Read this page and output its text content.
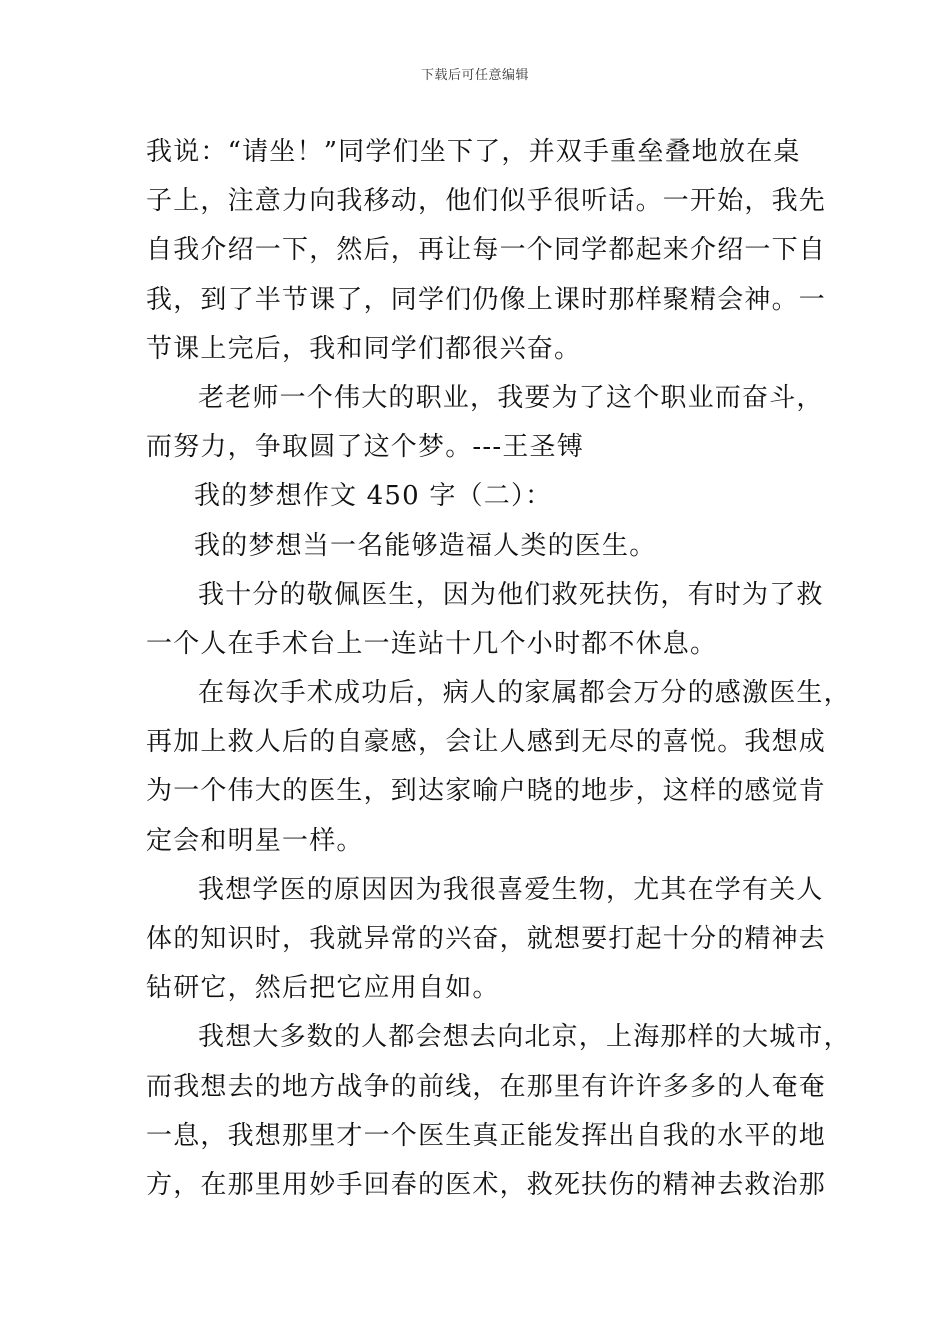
下载后可任意编辑
我说：“请坐！”同学们坐下了，并双手重垒叠地放在桌
子上，注意力向我移动，他们似乎很听话。一开始，我先
自我介绍一下，然后，再让每一个同学都起来介绍一下自
我，到了半节课了，同学们仍像上课时那样聚精会神。一
节课上完后，我和同学们都很兴奋。
老老师一个伟大的职业，我要为了这个职业而奋斗，
而努力，争取圆了这个梦。---王圣镈
我的梦想作文 450 字（二）：
我的梦想当一名能够造福人类的医生。
我十分的敬佩医生，因为他们救死扶伤，有时为了救
一个人在手术台上一连站十几个小时都不休息。
在每次手术成功后，病人的家属都会万分的感激医生，
再加上救人后的自豪感，会让人感到无尽的喜悦。我想成
为一个伟大的医生，到达家喻户晓的地步，这样的感觉肯
定会和明星一样。
我想学医的原因因为我很喜爱生物，尤其在学有关人
体的知识时，我就异常的兴奋，就想要打起十分的精神去
钻研它，然后把它应用自如。
我想大多数的人都会想去向北京，上海那样的大城市，
而我想去的地方战争的前线，在那里有许许多多的人奄奄
一息，我想那里才一个医生真正能发挥出自我的水平的地
方，在那里用妙手回春的医术，救死扶伤的精神去救治那
